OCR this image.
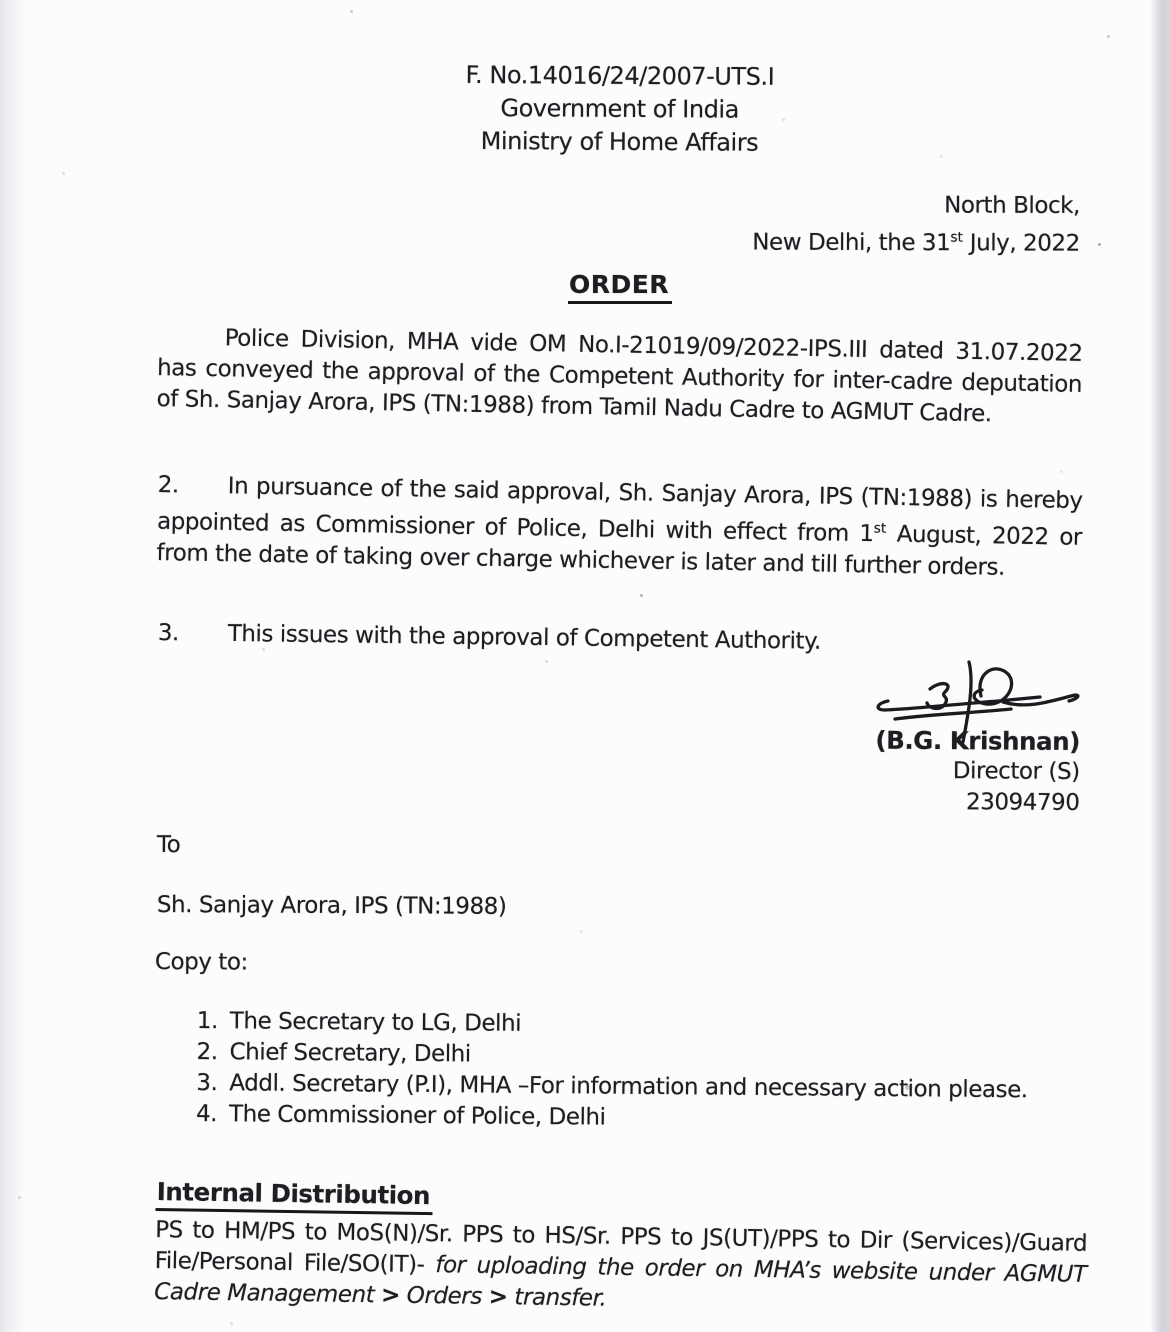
F. No.14016/24/2007-UTS.I
Government of India
Ministry of Home Affairs
North Block,
New Delhi, the 31st July, 2022
ORDER
Police Division, MHA vide OM No.I-21019/09/2022-IPS.III dated 31.07.2022 has conveyed the approval of the Competent Authority for inter-cadre deputation of Sh. Sanjay Arora, IPS (TN:1988) from Tamil Nadu Cadre to AGMUT Cadre.
2. In pursuance of the said approval, Sh. Sanjay Arora, IPS (TN:1988) is hereby appointed as Commissioner of Police, Delhi with effect from 1st August, 2022 or from the date of taking over charge whichever is later and till further orders.
3. This issues with the approval of Competent Authority.
(B.G. Krishnan)
Director (S)
23094790
To
Sh. Sanjay Arora, IPS (TN:1988)
Copy to:
1. The Secretary to LG, Delhi
2. Chief Secretary, Delhi
3. Addl. Secretary (P.I), MHA –For information and necessary action please.
4. The Commissioner of Police, Delhi
Internal Distribution
PS to HM/PS to MoS(N)/Sr. PPS to HS/Sr. PPS to JS(UT)/PPS to Dir (Services)/Guard File/Personal File/SO(IT)- for uploading the order on MHA’s website under AGMUT Cadre Management > Orders > transfer.
